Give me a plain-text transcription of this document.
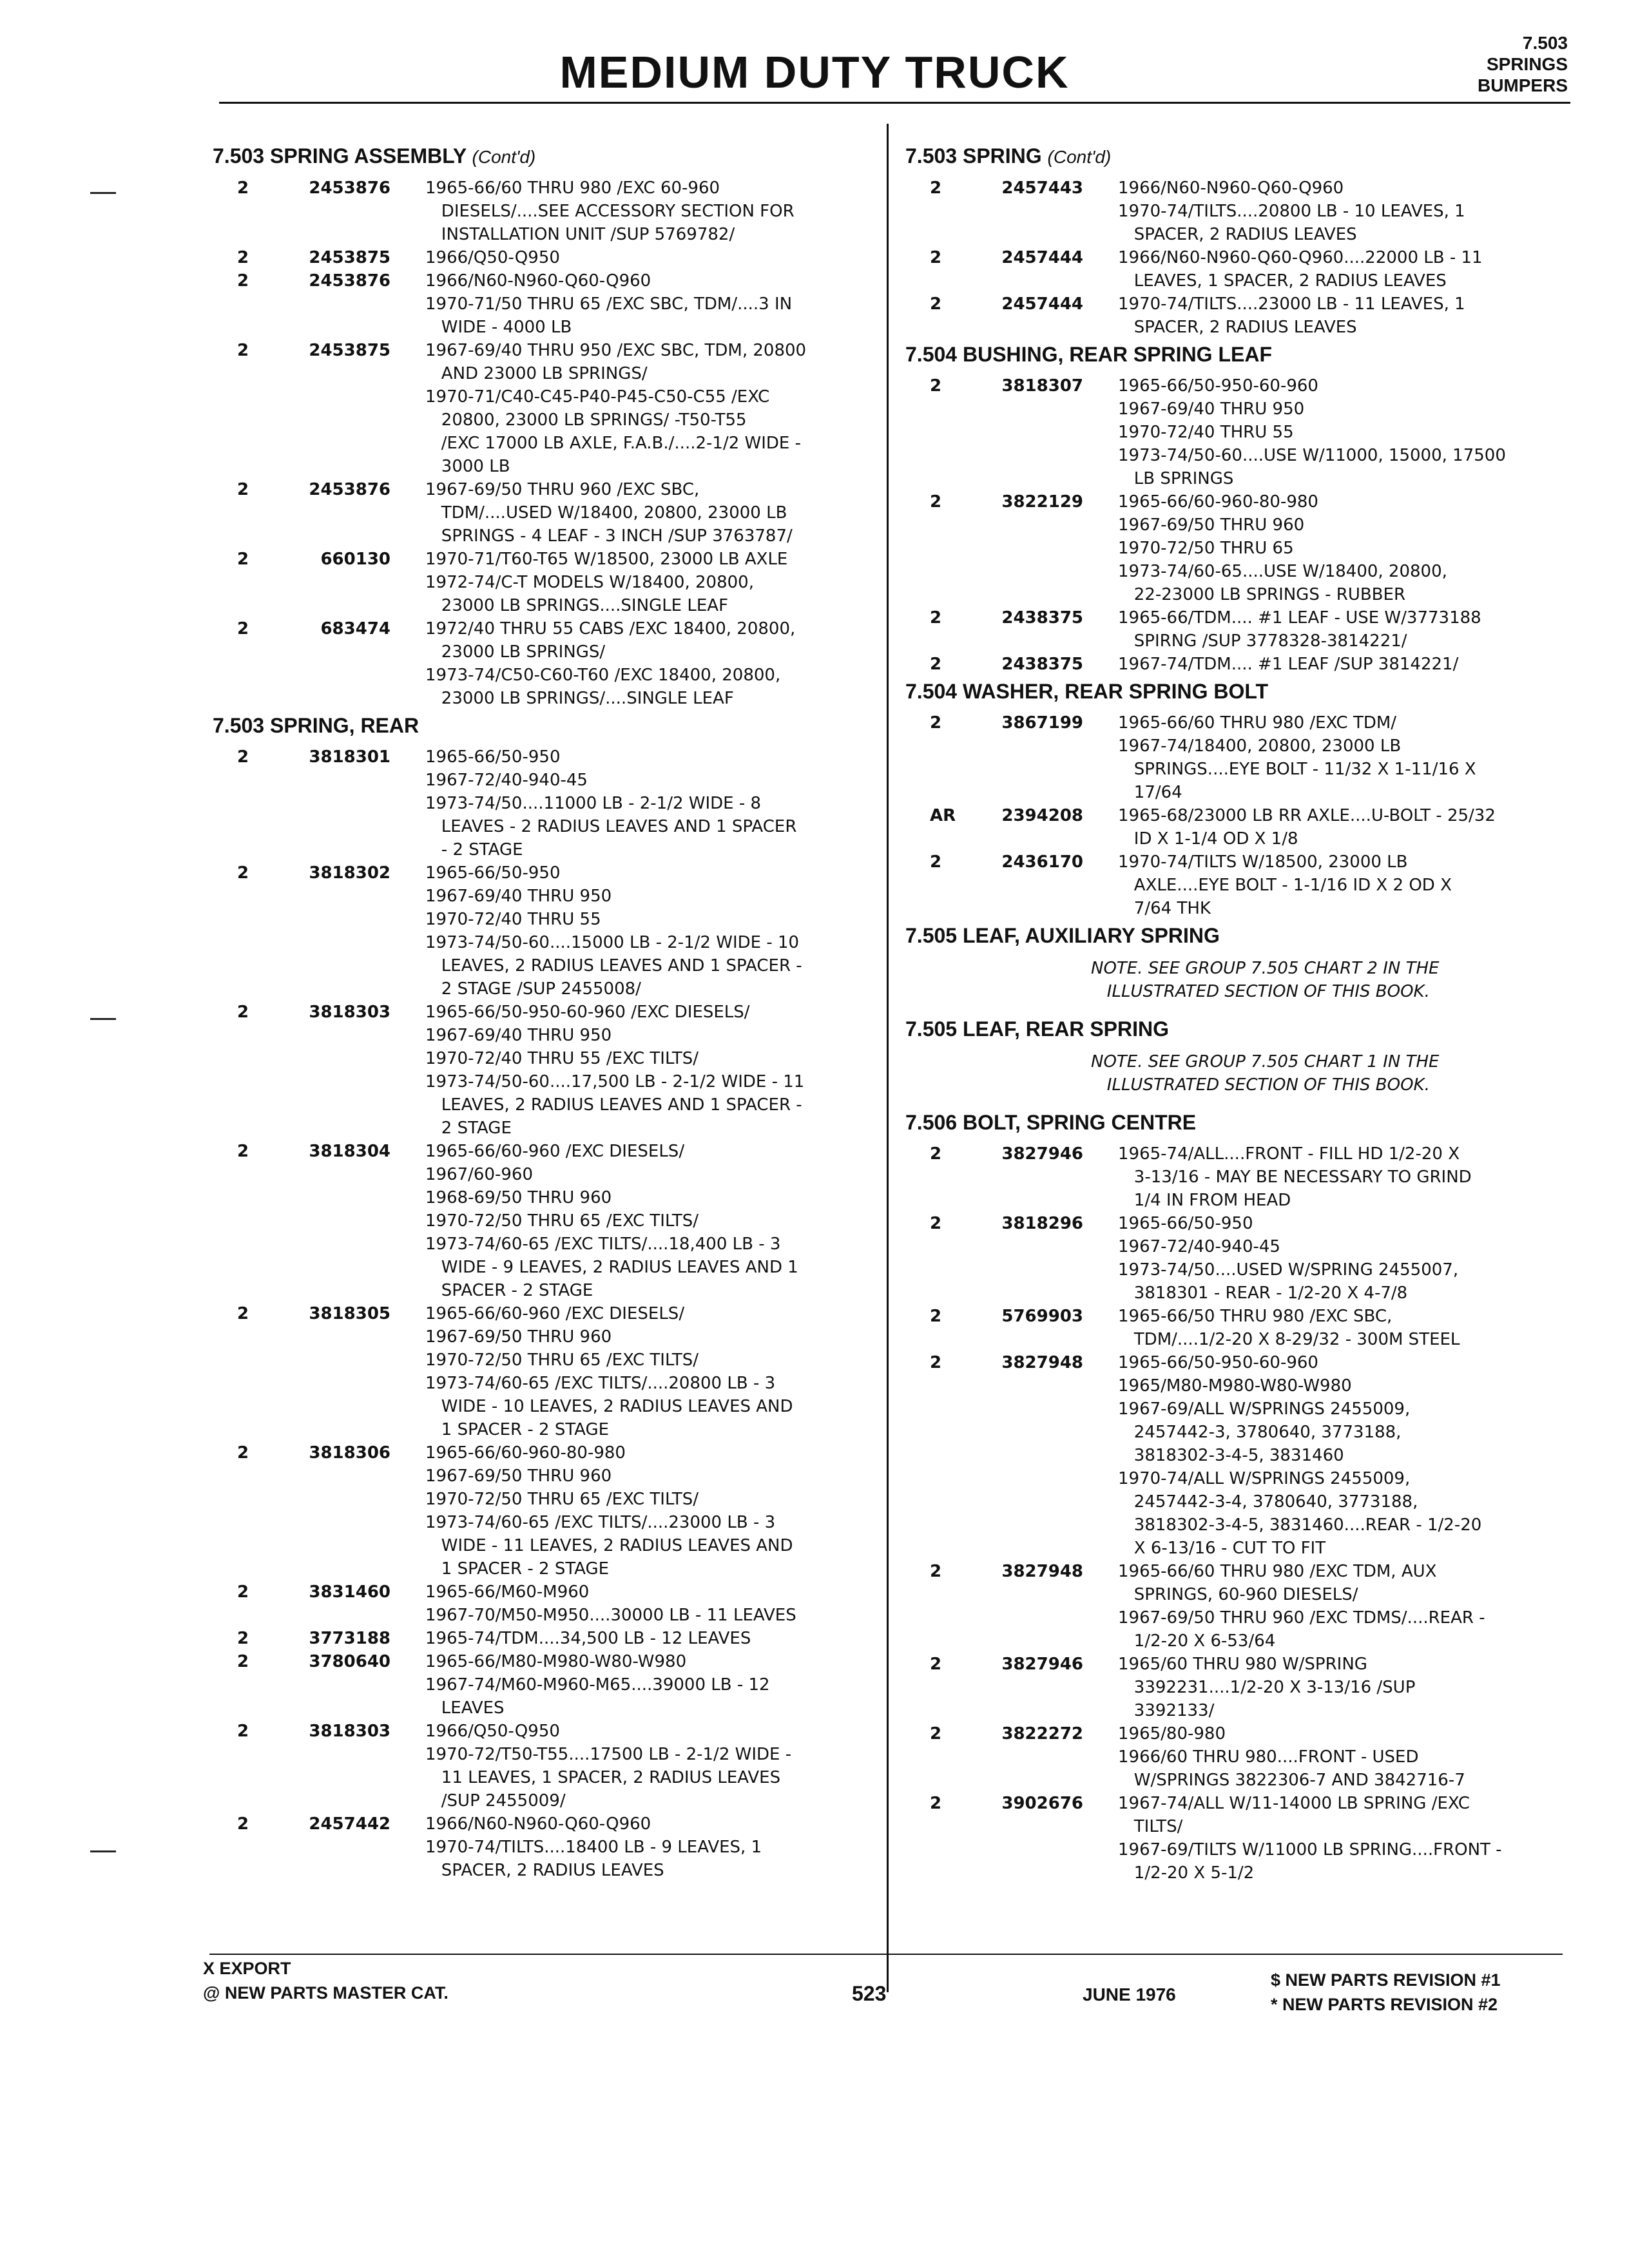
MEDIUM DUTY TRUCK
7.503
SPRINGS
BUMPERS
7.503 SPRING ASSEMBLY (Cont'd)
2	2453876	1965-66/60 THRU 980 /EXC 60-960
DIESELS/....SEE ACCESSORY SECTION FOR
INSTALLATION UNIT /SUP 5769782/
2	2453875	1966/Q50-Q950
2	2453876	1966/N60-N960-Q60-Q960
1970-71/50 THRU 65 /EXC SBC, TDM/....3 IN
WIDE - 4000 LB
2	2453875	1967-69/40 THRU 950 /EXC SBC, TDM, 20800
AND 23000 LB SPRINGS/
1970-71/C40-C45-P40-P45-C50-C55 /EXC
20800, 23000 LB SPRINGS/ -T50-T55
/EXC 17000 LB AXLE, F.A.B./....2-1/2 WIDE -
3000 LB
2	2453876	1967-69/50 THRU 960 /EXC SBC,
TDM/....USED W/18400, 20800, 23000 LB
SPRINGS - 4 LEAF - 3 INCH /SUP 3763787/
2	660130	1970-71/T60-T65 W/18500, 23000 LB AXLE
1972-74/C-T MODELS W/18400, 20800,
23000 LB SPRINGS....SINGLE LEAF
2	683474	1972/40 THRU 55 CABS /EXC 18400, 20800,
23000 LB SPRINGS/
1973-74/C50-C60-T60 /EXC 18400, 20800,
23000 LB SPRINGS/....SINGLE LEAF
7.503 SPRING, REAR
2	3818301	1965-66/50-950
1967-72/40-940-45
1973-74/50....11000 LB - 2-1/2 WIDE - 8
LEAVES - 2 RADIUS LEAVES AND 1 SPACER
- 2 STAGE
2	3818302	1965-66/50-950
1967-69/40 THRU 950
1970-72/40 THRU 55
1973-74/50-60....15000 LB - 2-1/2 WIDE - 10
LEAVES, 2 RADIUS LEAVES AND 1 SPACER -
2 STAGE /SUP 2455008/
2	3818303	1965-66/50-950-60-960 /EXC DIESELS/
1967-69/40 THRU 950
1970-72/40 THRU 55 /EXC TILTS/
1973-74/50-60....17,500 LB - 2-1/2 WIDE - 11
LEAVES, 2 RADIUS LEAVES AND 1 SPACER -
2 STAGE
2	3818304	1965-66/60-960 /EXC DIESELS/
1967/60-960
1968-69/50 THRU 960
1970-72/50 THRU 65 /EXC TILTS/
1973-74/60-65 /EXC TILTS/....18,400 LB - 3
WIDE - 9 LEAVES, 2 RADIUS LEAVES AND 1
SPACER - 2 STAGE
2	3818305	1965-66/60-960 /EXC DIESELS/
1967-69/50 THRU 960
1970-72/50 THRU 65 /EXC TILTS/
1973-74/60-65 /EXC TILTS/....20800 LB - 3
WIDE - 10 LEAVES, 2 RADIUS LEAVES AND
1 SPACER - 2 STAGE
2	3818306	1965-66/60-960-80-980
1967-69/50 THRU 960
1970-72/50 THRU 65 /EXC TILTS/
1973-74/60-65 /EXC TILTS/....23000 LB - 3
WIDE - 11 LEAVES, 2 RADIUS LEAVES AND
1 SPACER - 2 STAGE
2	3831460	1965-66/M60-M960
1967-70/M50-M950....30000 LB - 11 LEAVES
2	3773188	1965-74/TDM....34,500 LB - 12 LEAVES
2	3780640	1965-66/M80-M980-W80-W980
1967-74/M60-M960-M65....39000 LB - 12
LEAVES
2	3818303	1966/Q50-Q950
1970-72/T50-T55....17500 LB - 2-1/2 WIDE -
11 LEAVES, 1 SPACER, 2 RADIUS LEAVES
/SUP 2455009/
2	2457442	1966/N60-N960-Q60-Q960
1970-74/TILTS....18400 LB - 9 LEAVES, 1
SPACER, 2 RADIUS LEAVES
7.503 SPRING (Cont'd)
2	2457443	1966/N60-N960-Q60-Q960
1970-74/TILTS....20800 LB - 10 LEAVES, 1
SPACER, 2 RADIUS LEAVES
2	2457444	1966/N60-N960-Q60-Q960....22000 LB - 11
LEAVES, 1 SPACER, 2 RADIUS LEAVES
2	2457444	1970-74/TILTS....23000 LB - 11 LEAVES, 1
SPACER, 2 RADIUS LEAVES
7.504 BUSHING, REAR SPRING LEAF
2	3818307	1965-66/50-950-60-960
1967-69/40 THRU 950
1970-72/40 THRU 55
1973-74/50-60....USE W/11000, 15000, 17500
LB SPRINGS
2	3822129	1965-66/60-960-80-980
1967-69/50 THRU 960
1970-72/50 THRU 65
1973-74/60-65....USE W/18400, 20800,
22-23000 LB SPRINGS - RUBBER
2	2438375	1965-66/TDM.... #1 LEAF - USE W/3773188
SPIRNG /SUP 3778328-3814221/
2	2438375	1967-74/TDM.... #1 LEAF /SUP 3814221/
7.504 WASHER, REAR SPRING BOLT
2	3867199	1965-66/60 THRU 980 /EXC TDM/
1967-74/18400, 20800, 23000 LB
SPRINGS....EYE BOLT - 11/32 X 1-11/16 X
17/64
AR	2394208	1965-68/23000 LB RR AXLE....U-BOLT - 25/32
ID X 1-1/4 OD X 1/8
2	2436170	1970-74/TILTS W/18500, 23000 LB
AXLE....EYE BOLT - 1-1/16 ID X 2 OD X
7/64 THK
7.505 LEAF, AUXILIARY SPRING
NOTE. SEE GROUP 7.505 CHART 2 IN THE
ILLUSTRATED SECTION OF THIS BOOK.
7.505 LEAF, REAR SPRING
NOTE. SEE GROUP 7.505 CHART 1 IN THE
ILLUSTRATED SECTION OF THIS BOOK.
7.506 BOLT, SPRING CENTRE
2	3827946	1965-74/ALL....FRONT - FILL HD 1/2-20 X
3-13/16 - MAY BE NECESSARY TO GRIND
1/4 IN FROM HEAD
2	3818296	1965-66/50-950
1967-72/40-940-45
1973-74/50....USED W/SPRING 2455007,
3818301 - REAR - 1/2-20 X 4-7/8
2	5769903	1965-66/50 THRU 980 /EXC SBC,
TDM/....1/2-20 X 8-29/32 - 300M STEEL
2	3827948	1965-66/50-950-60-960
1965/M80-M980-W80-W980
1967-69/ALL W/SPRINGS 2455009,
2457442-3, 3780640, 3773188,
3818302-3-4-5, 3831460
1970-74/ALL W/SPRINGS 2455009,
2457442-3-4, 3780640, 3773188,
3818302-3-4-5, 3831460....REAR - 1/2-20
X 6-13/16 - CUT TO FIT
2	3827948	1965-66/60 THRU 980 /EXC TDM, AUX
SPRINGS, 60-960 DIESELS/
1967-69/50 THRU 960 /EXC TDMS/....REAR -
1/2-20 X 6-53/64
2	3827946	1965/60 THRU 980 W/SPRING
3392231....1/2-20 X 3-13/16 /SUP
3392133/
2	3822272	1965/80-980
1966/60 THRU 980....FRONT - USED
W/SPRINGS 3822306-7 AND 3842716-7
2	3902676	1967-74/ALL W/11-14000 LB SPRING /EXC
TILTS/
1967-69/TILTS W/11000 LB SPRING....FRONT -
1/2-20 X 5-1/2
X EXPORT
@ NEW PARTS MASTER CAT.	523	JUNE 1976
$ NEW PARTS REVISION #1
* NEW PARTS REVISION #2
